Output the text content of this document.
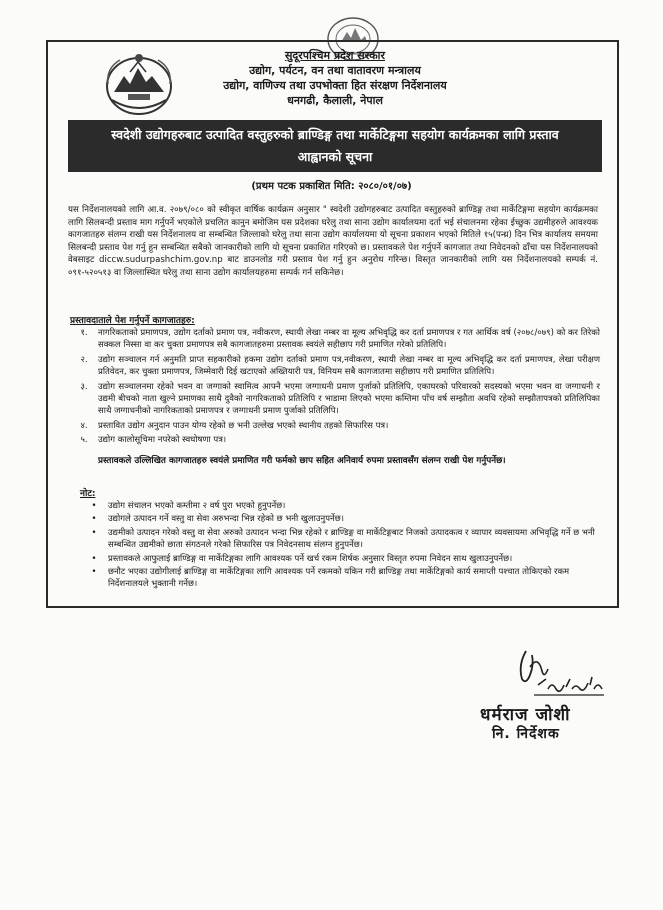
सुदूरपश्चिम प्रदेश सरकार
उद्योग, पर्यटन, वन तथा वातावरण मन्त्रालय
उद्योग, वाणिज्य तथा उपभोक्ता हित संरक्षण निर्देशनालय
धनगढी, कैलाली, नेपाल
स्वदेशी उद्योगहरुबाट उत्पादित वस्तुहरुको ब्राण्डिङ्ग तथा मार्केटिङ्गमा सहयोग कार्यक्रमका लागि प्रस्ताव
आह्वानको सूचना
(प्रथम पटक प्रकाशित मिति: २०८०/०१/०७)
यस निर्देशनालयको लागि आ.व. २०७९/०८० को स्वीकृत वार्षिक कार्यक्रम अनुसार " स्वदेशी उद्योगहरुबाट उत्पादित वस्तुहरुको ब्राण्डिङ्ग तथा मार्केटिङ्गमा सहयोग कार्यक्रमका लागि सिलबन्दी प्रस्ताव माग गर्नुपर्ने भएकोले प्रचलित कानुन बमोजिम यस प्रदेशका घरेलु तथा साना उद्योग कार्यालयमा दर्ता भई संचालनमा रहेका ईच्छुक उद्यमीहरुले आवश्यक कागजातहरु संलग्न राखी यस निर्देशनालय वा सम्बन्धित जिल्लाको घरेलु तथा साना उद्योग कार्यालयमा यो सूचना प्रकाशन भएको मितिले १५(पन्ध्र) दिन भित्र कार्यालय समयमा सिलबन्दी प्रस्ताव पेश गर्नु हुन सम्बन्धित सबैको जानकारीको लागि यो सूचना प्रकाशित गरिएको छ। प्रस्तावकले पेश गर्नुपर्ने कागजात तथा निवेदनको ढाँचा यस निर्देशनालयको वेबसाइट diccw.sudurpashchim.gov.np बाट डाउनलोड गरी प्रस्ताव पेश गर्नु हुन अनुरोध गरिन्छ। विस्तृत जानकारीको लागि यस निर्देशनालयको सम्पर्क नं. ०९१-५२०५१३ वा जिल्लास्थित घरेलु तथा साना उद्योग कार्यालयहरुमा सम्पर्क गर्न सकिनेछ।
प्रस्तावदाताले पेश गर्नुपर्ने कागजातहरु:
१.	नागरिकताको प्रमाणपत्र, उद्योग दर्ताको प्रमाण पत्र, नवीकरण, स्थायी लेखा नम्बर वा मूल्य अभिवृद्धि कर दर्ता प्रमाणपत्र र गत आर्थिक वर्ष (२०७८/०७९) को कर तिरेको सक्कल निस्सा वा कर चुक्ता प्रमाणपत्र सबै कागजातहरुमा प्रस्तावक स्वयंले सहीछाप गरी प्रमाणित गरेको प्रतिलिपि।
२.	उद्योग सञ्चालन गर्न अनुमति प्राप्त सहकारीको हकमा उद्योग दर्ताको प्रमाण पत्र,नवीकरण, स्थायी लेखा नम्बर वा मूल्य अभिवृद्धि कर दर्ता प्रमाणपत्र, लेखा परीक्षण प्रतिवेदन, कर चुक्ता प्रमाणपत्र, जिम्मेवारी दिई खटाएको अख्तियारी पत्र, विनियम सबै कागजातमा सहीछाप गरी प्रमाणित प्रतिलिपि।
३.	उद्योग सञ्चालनमा रहेको भवन वा जग्गाको स्वामित्व आफ्नै भएमा जग्गाधनी प्रमाण पुर्जाको प्रतिलिपि, एकाघरको परिवारको सदस्यको भएमा भवन वा जग्गाधनी र उद्यमी बीचको नाता खुल्ने प्रमाणका साथै दुवैको नागरिकताको प्रतिलिपि र भाडामा लिएको भएमा कम्तिमा पाँच वर्ष सम्झौता अवधि रहेको सम्झौतापत्रको प्रतिलिपिका साथै जग्गाधनीको नागरिकताको प्रमाणपत्र र जग्गाधनी प्रमाण पुर्जाको प्रतिलिपि।
४.	प्रस्तावित उद्योग अनुदान पाउन योग्य रहेको छ भनी उल्लेख भएको स्थानीय तहको सिफारिस पत्र।
५.	उद्योग कालोसूचिमा नपरेको स्वघोषणा पत्र।
प्रस्तावकले उल्लिखित कागजातहरु स्वयंले प्रमाणित गरी फर्मको छाप सहित अनिवार्य रुपमा प्रस्तावसँग संलग्न राखी पेश गर्नुपर्नेछ।
नोट:
•	उद्योग संचालन भएको कम्तीमा २ वर्ष पुरा भएको हुनुपर्नेछ।
•	उद्योगले उत्पादन गर्ने वस्तु वा सेवा अरुभन्दा भिन्न रहेको छ भनी खुलाउनुपर्नेछ।
•	उद्यमीको उत्पादन गरेको वस्तु वा सेवा अरुको उत्पादन भन्दा भिन्न रहेको र ब्राण्डिङ्ग वा मार्केटिङ्गबाट निजको उत्पादकत्व र व्यापार व्यवसायमा अभिवृद्धि गर्ने छ भनी सम्बन्धित उद्यमीको छाता संगठनले गरेको सिफारिस पत्र निवेदनसाथ संलग्न हुनुपर्नेछ।
•	प्रस्तावकले आफुलाई ब्राण्डिङ्ग वा मार्केटिङ्गका लागि आवश्यक पर्ने खर्च रकम शिर्षक अनुसार विस्तृत रुपमा निवेदन साथ खुलाउनुपर्नेछ।
•	छनौट भएका उद्योगीलाई ब्राण्डिङ्ग वा मार्केटिङ्गका लागि आवश्यक पर्ने रकमको यकिन गरी ब्राण्डिङ्ग तथा मार्केटिङ्गको कार्य समाप्ती पश्चात तोकिएको रकम निर्देशनालयले भुक्तानी गर्नेछ।
धर्मराज जोशी
नि. निर्देशक
